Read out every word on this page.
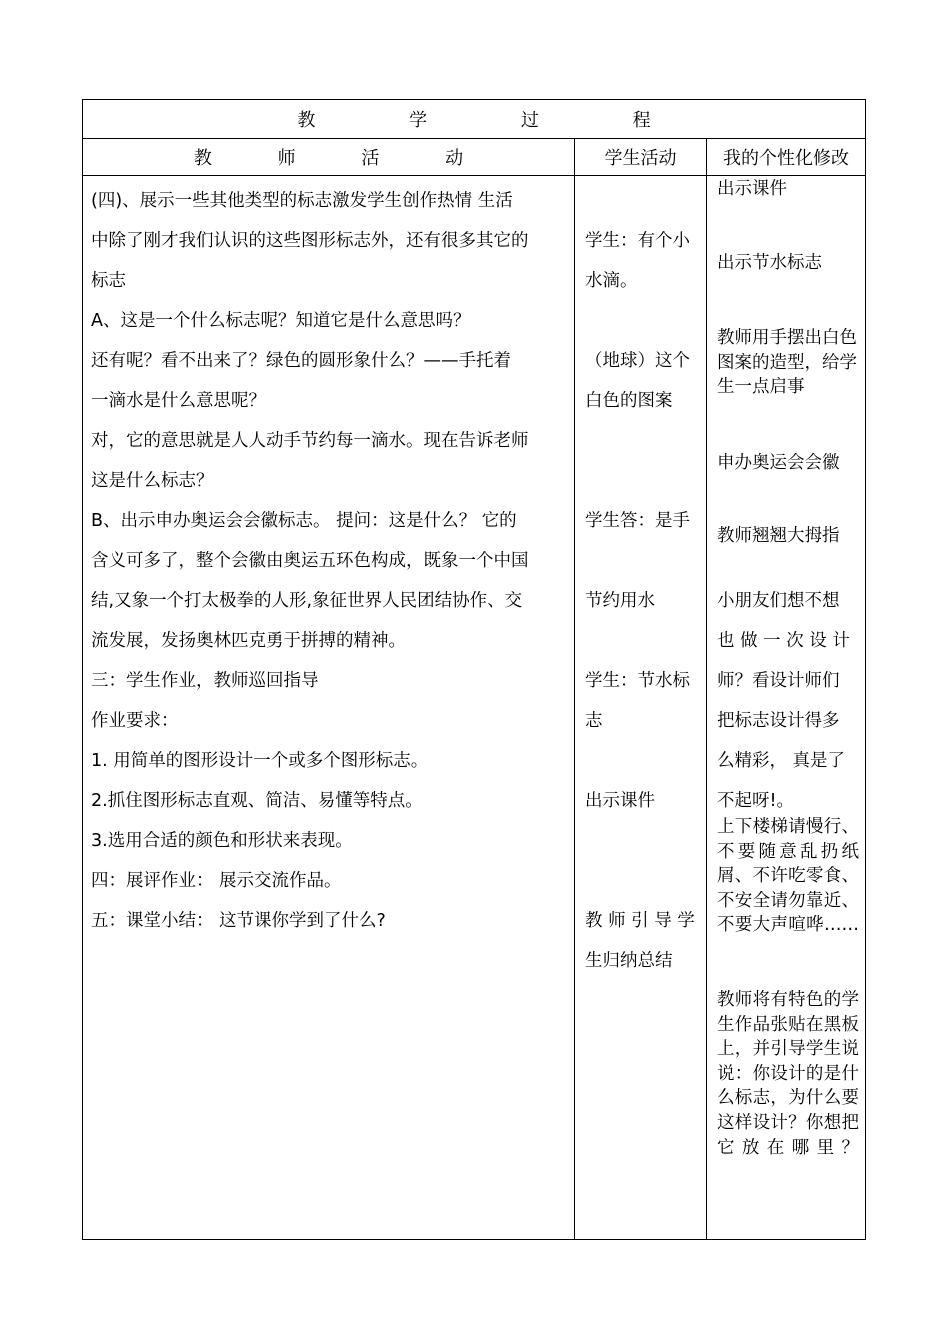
教 学 过 程
教 师 活 动	学生活动	我的个性化修改
(四)、展示一些其他类型的标志激发学生创作热情 生活
中除了刚才我们认识的这些图形标志外，还有很多其它的
标志
A、这是一个什么标志呢？知道它是什么意思吗？
还有呢？看不出来了？绿色的圆形象什么？——手托着
一滴水是什么意思呢？
对，它的意思就是人人动手节约每一滴水。现在告诉老师
这是什么标志？
B、出示申办奥运会会徽标志。 提问：这是什么？ 它的
含义可多了，整个会徽由奥运五环色构成，既象一个中国
结,又象一个打太极拳的人形,象征世界人民团结协作、交
流发展，发扬奥林匹克勇于拼搏的精神。
三：学生作业，教师巡回指导
作业要求：
1. 用简单的图形设计一个或多个图形标志。
2.抓住图形标志直观、简洁、易懂等特点。
3.选用合适的颜色和形状来表现。
四：展评作业： 展示交流作品。
五：课堂小结： 这节课你学到了什么?
学生：有个小
水滴。
（地球）这个
白色的图案
学生答：是手
节约用水
学生：节水标
志
出示课件
教 师 引 导 学
生归纳总结
出示课件
出示节水标志
教师用手摆出白色图案的造型，给学生一点启事
申办奥运会会徽
教师翘翘大拇指
小朋友们想不想
也 做 一 次 设 计
师？看设计师们
把标志设计得多
么精彩， 真是了
不起呀!。
上下楼梯请慢行、不要随意乱扔纸屑、不许吃零食、不安全请勿靠近、不要大声喧哗……
教师将有特色的学生作品张贴在黑板上，并引导学生说说：你设计的是什么标志，为什么要这样设计？你想把它放在哪里？
